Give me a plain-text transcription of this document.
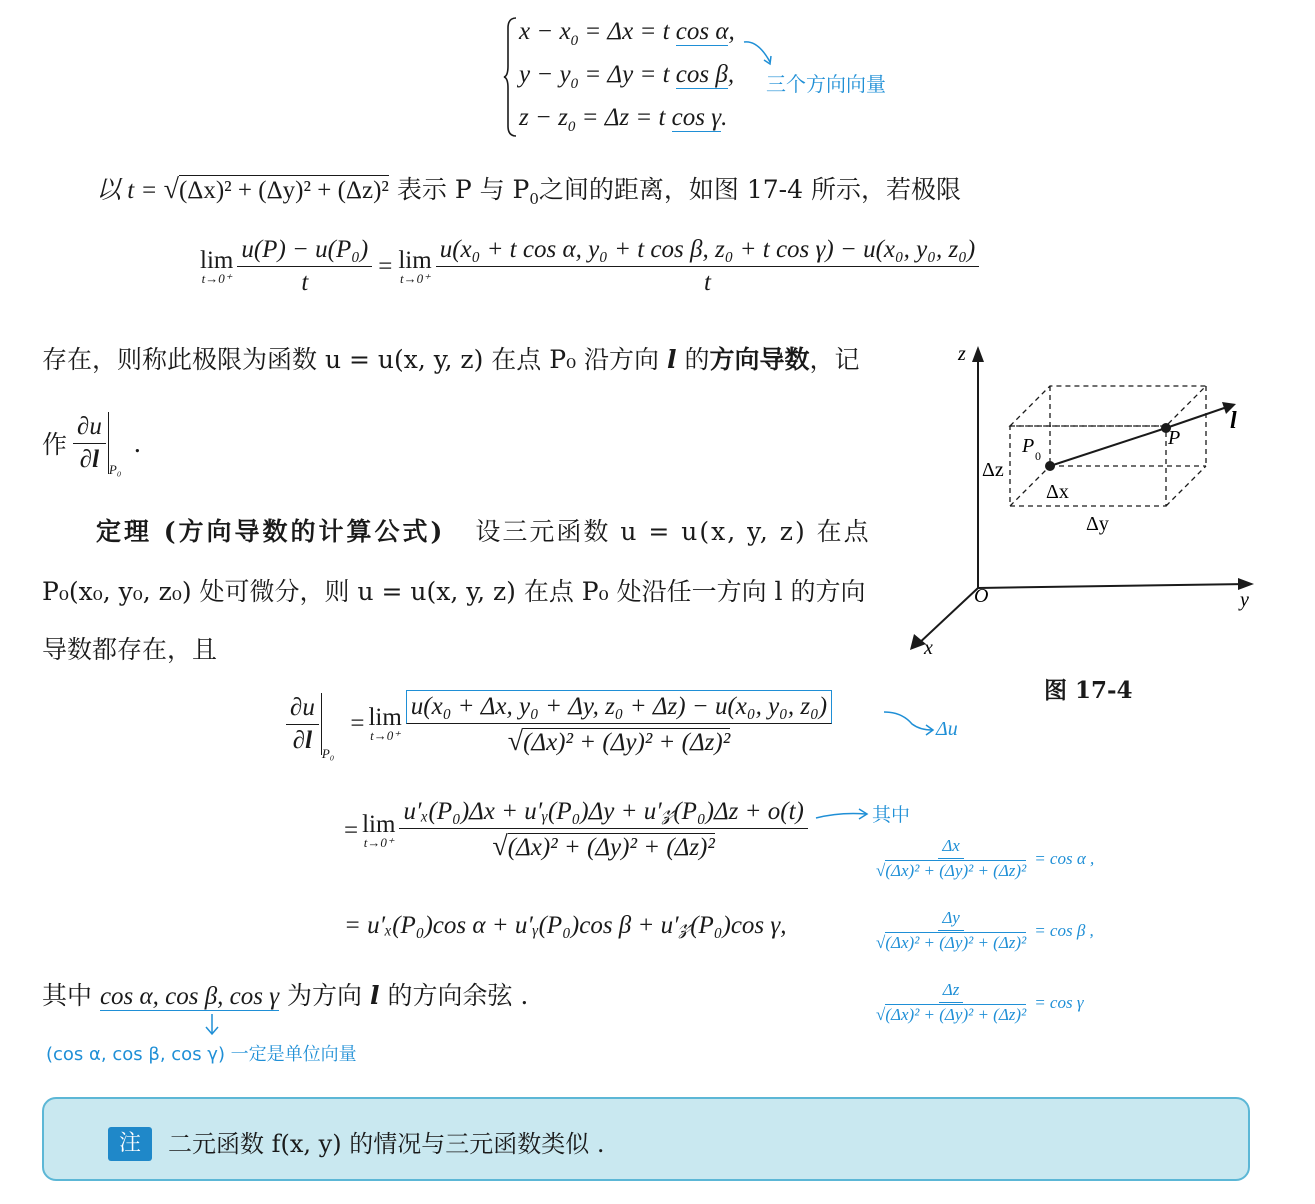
$x - x_0 = \Delta x = t$ cos α,
$y - y_0 = \Delta y = t$ cos β,
$z - z_0 = \Delta z = t$ cos γ.
三个方向向量
以 t = √(Δx)² + (Δy)² + (Δz)² 表示 P 与 $P_0$之间的距离，如图 17-4 所示，若极限
lim
$t\to 0^+ \frac{\text{u(P) − u(P₀)}}{t} = \lim$
$t\to 0^+ \frac{\text{u(x₀ + t cos α, y₀ + t cos β, z₀ + t cos γ) − u(x₀, y₀, z₀)}}{t}$
存在，则称此极限为函数 u = u(x, y, z) 在点 P₀ 沿方向 l 的方向导数，记
作 $\frac{\partial u}{\partial l} P_0$
.
定理 (方向导数的计算公式) 设三元函数 u = u(x, y, z) 在点
P₀(x₀, y₀, z₀) 处可微分，则 u = u(x, y, z) 在点 P₀ 处沿任一方向 l 的方向
导数都存在，且
z
y
x
O
P 0
P
l
Δx
Δy
Δz
图 17-4
$\frac{\partial u}{\partial l} P_0$
= lim
$t\to 0^+ \frac{\text{u(x₀ + Δx, y₀ + Δy, z₀ + Δz) − u(x₀, y₀, z₀)}}{\text{√(Δx)² + (Δy)² + (Δz)²}}$	Δu
= lim
$t\to 0^+ \frac{\text{u′ₓ(P₀)Δx + u′ᵧ(P₀)Δy + u′𝓏(P₀)Δz + o(t)}}{\text{√(Δx)² + (Δy)² + (Δz)²}}$	其中
= u′ₓ(P₀)cos α + u′ᵧ(P₀)cos β + u′𝓏(P₀)cos γ,
$\frac{\Delta x}{\text{√(Δx)² + (Δy)² + (Δz)²}} = \cos \alpha$ ,
$\frac{\Delta y}{\text{√(Δx)² + (Δy)² + (Δz)²}} = \cos \beta$ ,
$\frac{\Delta z}{\text{√(Δx)² + (Δy)² + (Δz)²}} = \cos \gamma$
其中 cos α, cos β, cos γ 为方向 l 的方向余弦 .
(cos α, cos β, cos γ) 一定是单位向量
注	二元函数 f(x, y) 的情况与三元函数类似 .
